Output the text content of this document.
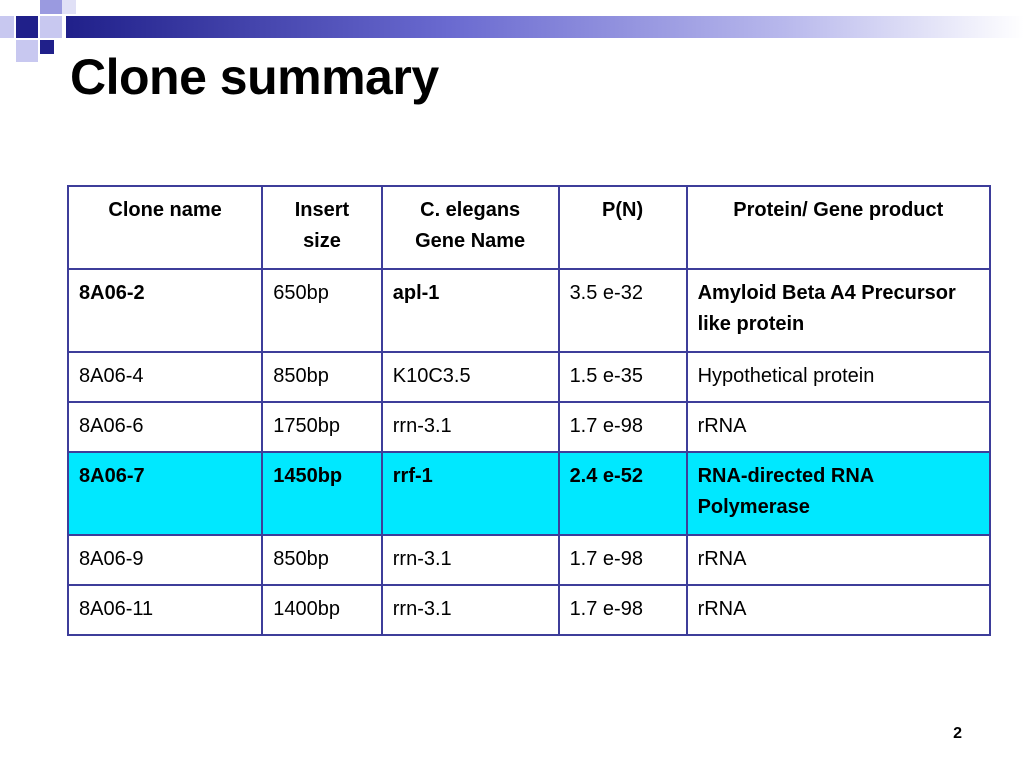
Clone summary
Clone name	Insert size	C. elegans Gene Name	P(N)	Protein/ Gene product
8A06-2	650bp	apl-1	3.5 e-32	Amyloid Beta A4 Precursor like protein
8A06-4	850bp	K10C3.5	1.5 e-35	Hypothetical protein
8A06-6	1750bp	rrn-3.1	1.7 e-98	rRNA
8A06-7	1450bp	rrf-1	2.4 e-52	RNA-directed RNA Polymerase
8A06-9	850bp	rrn-3.1	1.7 e-98	rRNA
8A06-11	1400bp	rrn-3.1	1.7 e-98	rRNA
2
